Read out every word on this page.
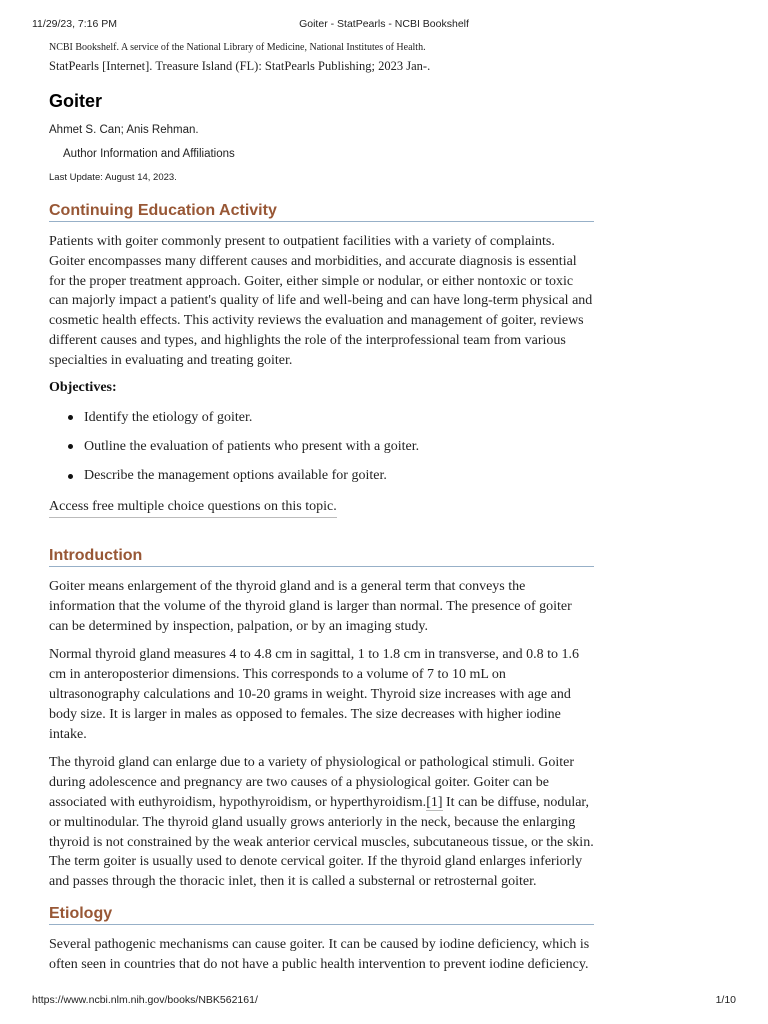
11/29/23, 7:16 PM	Goiter - StatPearls - NCBI Bookshelf
NCBI Bookshelf. A service of the National Library of Medicine, National Institutes of Health.
StatPearls [Internet]. Treasure Island (FL): StatPearls Publishing; 2023 Jan-.
Goiter
Ahmet S. Can; Anis Rehman.
Author Information and Affiliations
Last Update: August 14, 2023.
Continuing Education Activity

Patients with goiter commonly present to outpatient facilities with a variety of complaints. Goiter encompasses many different causes and morbidities, and accurate diagnosis is essential for the proper treatment approach. Goiter, either simple or nodular, or either nontoxic or toxic can majorly impact a patient's quality of life and well-being and can have long-term physical and cosmetic health effects. This activity reviews the evaluation and management of goiter, reviews different causes and types, and highlights the role of the interprofessional team from various specialties in evaluating and treating goiter.

Objectives:
Identify the etiology of goiter.
Outline the evaluation of patients who present with a goiter.
Describe the management options available for goiter.
Access free multiple choice questions on this topic.
Introduction

Goiter means enlargement of the thyroid gland and is a general term that conveys the information that the volume of the thyroid gland is larger than normal. The presence of goiter can be determined by inspection, palpation, or by an imaging study.

Normal thyroid gland measures 4 to 4.8 cm in sagittal, 1 to 1.8 cm in transverse, and 0.8 to 1.6 cm in anteroposterior dimensions. This corresponds to a volume of 7 to 10 mL on ultrasonography calculations and 10-20 grams in weight. Thyroid size increases with age and body size. It is larger in males as opposed to females. The size decreases with higher iodine intake.

The thyroid gland can enlarge due to a variety of physiological or pathological stimuli. Goiter during adolescence and pregnancy are two causes of a physiological goiter. Goiter can be associated with euthyroidism, hypothyroidism, or hyperthyroidism.[1] It can be diffuse, nodular, or multinodular. The thyroid gland usually grows anteriorly in the neck, because the enlarging thyroid is not constrained by the weak anterior cervical muscles, subcutaneous tissue, or the skin. The term goiter is usually used to denote cervical goiter. If the thyroid gland enlarges inferiorly and passes through the thoracic inlet, then it is called a substernal or retrosternal goiter.

Etiology

Several pathogenic mechanisms can cause goiter. It can be caused by iodine deficiency, which is often seen in countries that do not have a public health intervention to prevent iodine deficiency.

https://www.ncbi.nlm.nih.gov/books/NBK562161/	1/10
